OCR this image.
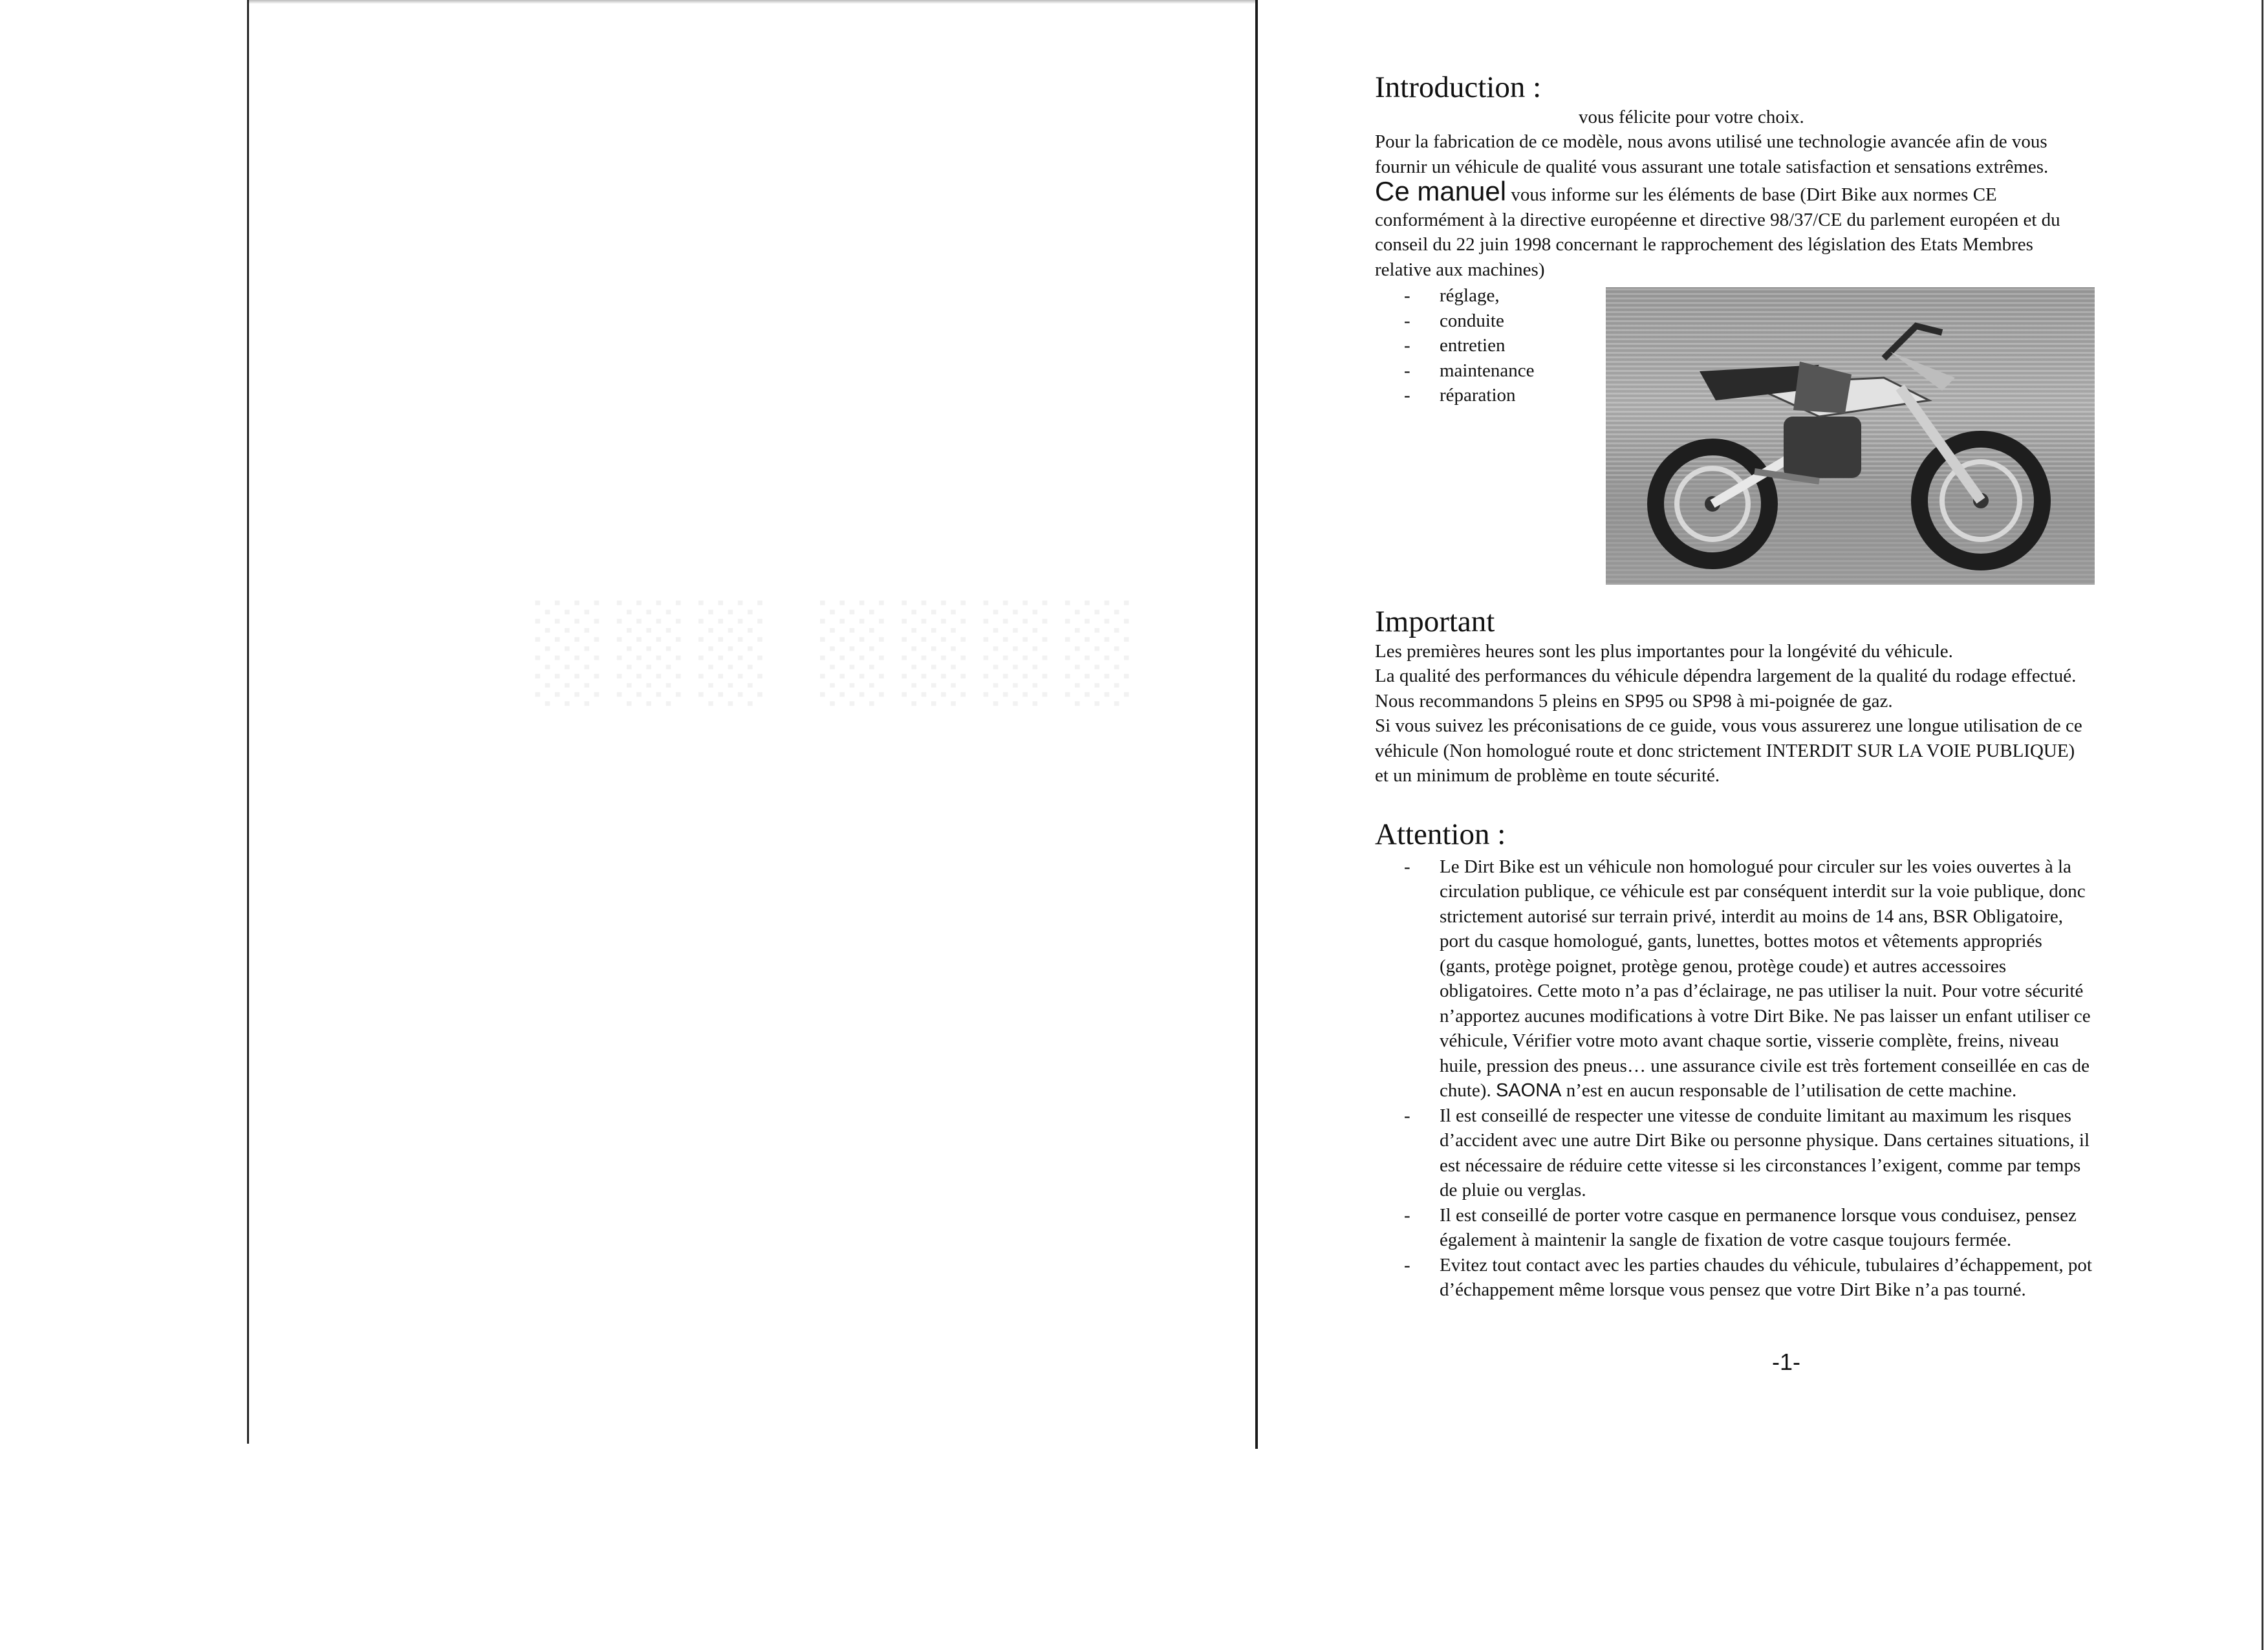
░░░ ░░░░
Introduction :

vous félicite pour votre choix.

Pour la fabrication de ce modèle, nous avons utilisé une technologie avancée afin de vous

fournir un véhicule de qualité vous assurant une totale satisfaction et sensations extrêmes.

Ce manuel vous informe sur les éléments de base (Dirt Bike aux normes CE

conformément à la directive européenne et directive 98/37/CE du parlement européen et du

conseil du 22 juin 1998 concernant le rapprochement des législation des Etats Membres

relative aux machines)

-	réglage,
-	conduite
-	entretien
-	maintenance
-	réparation
Important

Les premières heures sont les plus importantes pour la longévité du véhicule.

La qualité des performances du véhicule dépendra largement de la qualité du rodage effectué.

Nous recommandons 5 pleins en SP95 ou SP98 à mi-poignée de gaz.

Si vous suivez les préconisations de ce guide, vous vous assurerez une longue utilisation de ce

véhicule (Non homologué route et donc strictement INTERDIT SUR LA VOIE PUBLIQUE)

et un minimum de problème en toute sécurité.

Attention :
-	Le Dirt Bike est un véhicule non homologué pour circuler sur les voies ouvertes à la
circulation publique, ce véhicule est par conséquent interdit sur la voie publique, donc
strictement autorisé sur terrain privé, interdit au moins de 14 ans, BSR Obligatoire,
port du casque homologué, gants, lunettes, bottes motos et vêtements appropriés
(gants, protège poignet, protège genou, protège coude) et autres accessoires
obligatoires. Cette moto n’a pas d’éclairage, ne pas utiliser la nuit. Pour votre sécurité
n’apportez aucunes modifications à votre Dirt Bike. Ne pas laisser un enfant utiliser ce
véhicule, Vérifier votre moto avant chaque sortie, visserie complète, freins, niveau
huile, pression des pneus… une assurance civile est très fortement conseillée en cas de
chute). SAONA n’est en aucun responsable de l’utilisation de cette machine.
-	Il est conseillé de respecter une vitesse de conduite limitant au maximum les risques
d’accident avec une autre Dirt Bike ou personne physique. Dans certaines situations, il
est nécessaire de réduire cette vitesse si les circonstances l’exigent, comme par temps
de pluie ou verglas.
-	Il est conseillé de porter votre casque en permanence lorsque vous conduisez, pensez
également à maintenir la sangle de fixation de votre casque toujours fermée.
-	Evitez tout contact avec les parties chaudes du véhicule, tubulaires d’échappement, pot
d’échappement même lorsque vous pensez que votre Dirt Bike n’a pas tourné.
-1-
